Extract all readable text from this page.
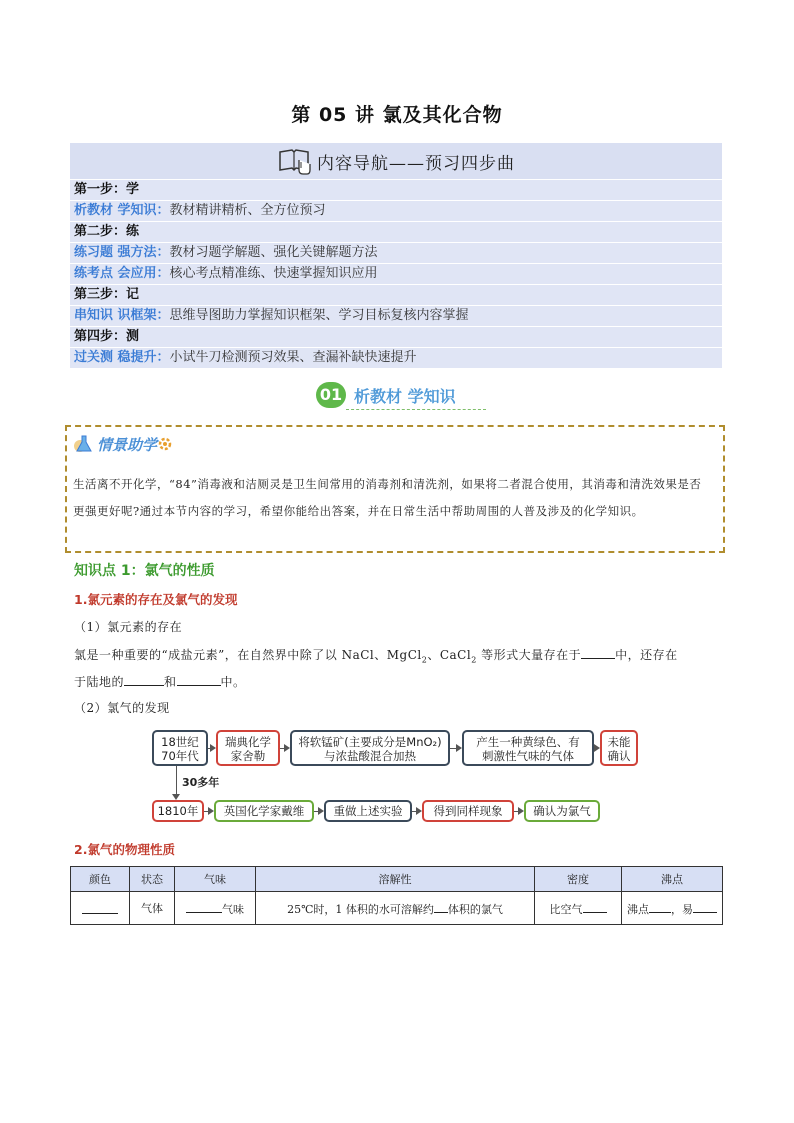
第 05 讲 氯及其化合物
内容导航——预习四步曲
第一步：学
析教材 学知识：教材精讲精析、全方位预习
第二步：练
练习题 强方法：教材习题学解题、强化关键解题方法
练考点 会应用：核心考点精准练、快速掌握知识应用
第三步：记
串知识 识框架：思维导图助力掌握知识框架、学习目标复核内容掌握
第四步：测
过关测 稳提升：小试牛刀检测预习效果、查漏补缺快速提升
01 析教材 学知识
情景助学
生活离不开化学，“84”消毒液和洁厕灵是卫生间常用的消毒剂和清洗剂，如果将二者混合使用，其消毒和清洗效果是否更强更好呢?通过本节内容的学习，希望你能给出答案，并在日常生活中帮助周围的人普及涉及的化学知识。
知识点 1：氯气的性质
1.氯元素的存在及氯气的发现
（1）氯元素的存在
氯是一种重要的“成盐元素”，在自然界中除了以 NaCl、MgCl$_2$、CaCl$_2$ 等形式大量存在于	中，还存在
于陆地的	和	中。
（2）氯气的发现
18世纪
70年代
瑞典化学
家舍勒
将软锰矿(主要成分是MnO₂)
与浓盐酸混合加热
产生一种黄绿色、有
刺激性气味的气体
未能
确认
30多年
1810年	英国化学家戴维	重做上述实验	得到同样现象	确认为氯气
2.氯气的物理性质
颜色	状态	气味	溶解性	密度	沸点
	气体	气味	25℃时，1 体积的水可溶解约 体积的氯气	比空气	沸点 ，易
